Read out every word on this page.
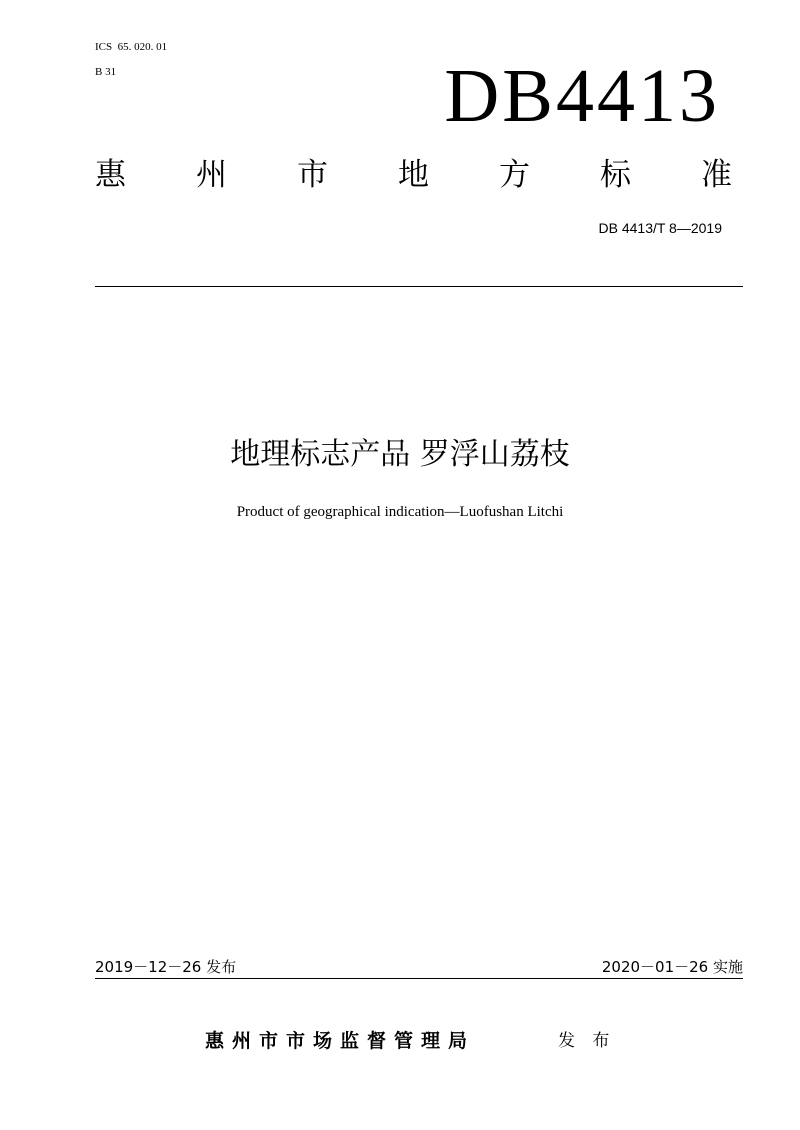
ICS  65. 020. 01
B 31	DB4413
惠 州 市 地 方 标 准
DB 4413/T 8—2019
地理标志产品 罗浮山荔枝
Product of geographical indication—Luofushan Litchi
2019－12－26 发布	2020－01－26 实施
惠州市市场监督管理局	发 布
